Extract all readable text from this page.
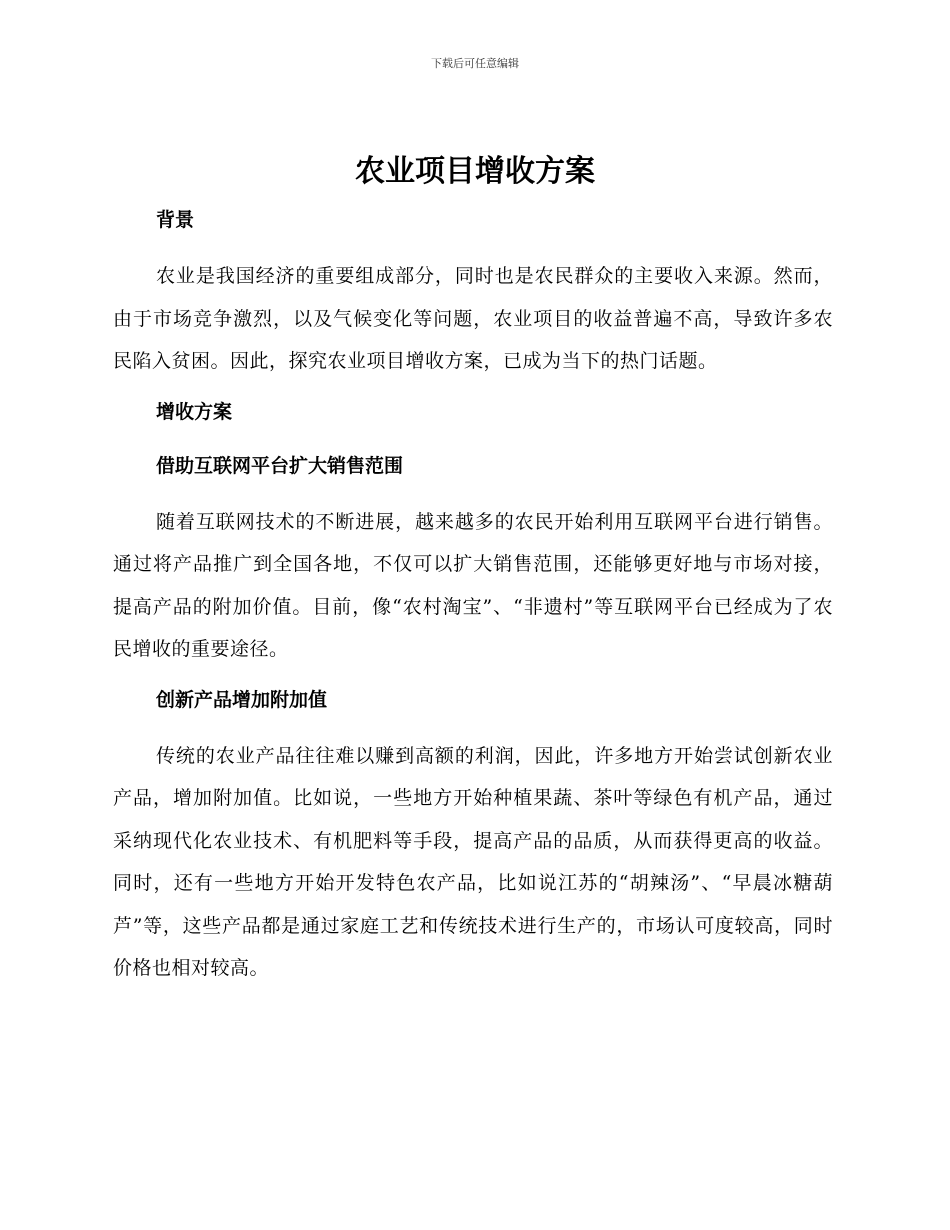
下载后可任意编辑
农业项目增收方案
背景

农业是我国经济的重要组成部分，同时也是农民群众的主要收入来源。然而，由于市场竞争激烈，以及气候变化等问题，农业项目的收益普遍不高，导致许多农民陷入贫困。因此，探究农业项目增收方案，已成为当下的热门话题。

增收方案
借助互联网平台扩大销售范围

随着互联网技术的不断进展，越来越多的农民开始利用互联网平台进行销售。通过将产品推广到全国各地，不仅可以扩大销售范围，还能够更好地与市场对接，提高产品的附加价值。目前，像“农村淘宝”、“非遗村”等互联网平台已经成为了农民增收的重要途径。

创新产品增加附加值

传统的农业产品往往难以赚到高额的利润，因此，许多地方开始尝试创新农业产品，增加附加值。比如说，一些地方开始种植果蔬、茶叶等绿色有机产品，通过采纳现代化农业技术、有机肥料等手段，提高产品的品质，从而获得更高的收益。同时，还有一些地方开始开发特色农产品，比如说江苏的“胡辣汤”、“早晨冰糖葫芦”等，这些产品都是通过家庭工艺和传统技术进行生产的，市场认可度较高，同时价格也相对较高。
